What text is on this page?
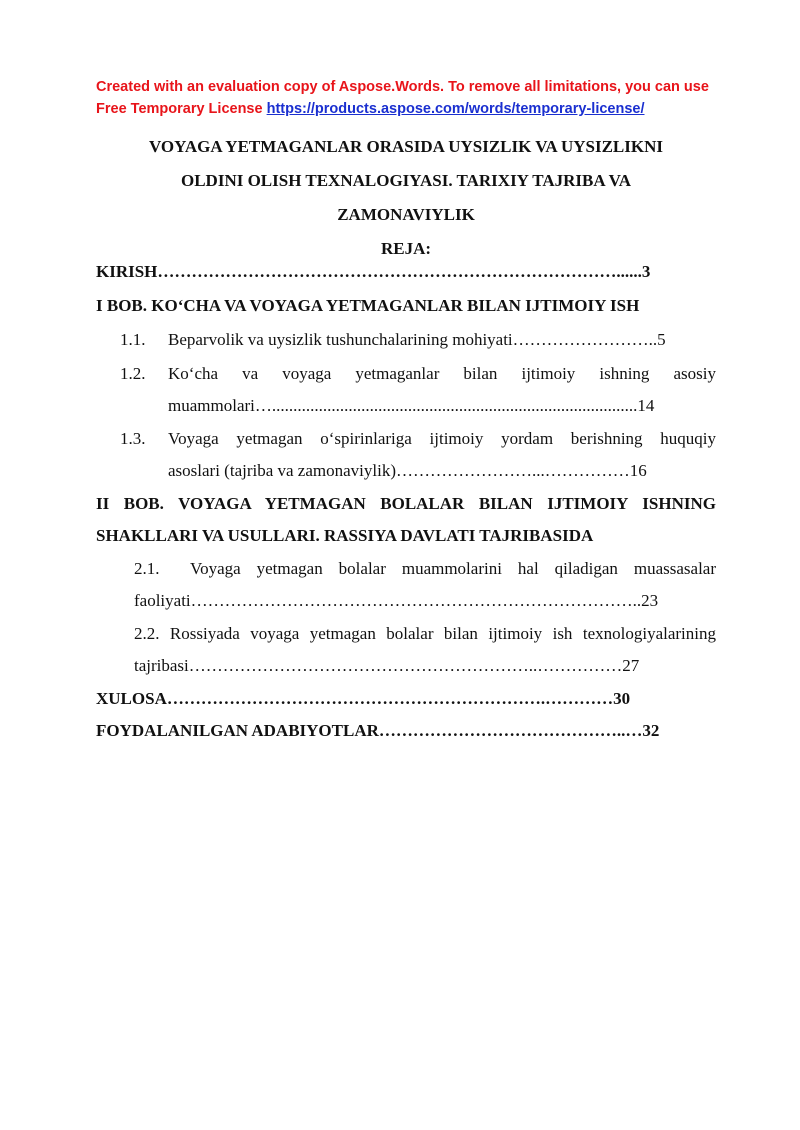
Created with an evaluation copy of Aspose.Words. To remove all limitations, you can use
Free Temporary License https://products.aspose.com/words/temporary-license/
VOYAGA YETMAGANLAR ORASIDA UYSIZLIK VA UYSIZLIKNI
OLDINI OLISH TEXNALOGIYASI. TARIXIY TAJRIBA VA
ZAMONAVIYLIK
REJA:
KIRISH………………………………………………………………………......3
I BOB. KO‘CHA VA VOYAGA YETMAGANLAR BILAN IJTIMOIY ISH
1.1.	Beparvolik va uysizlik tushunchalarining mohiyati……………………..5
1.2.	Ko‘cha va voyaga yetmaganlar bilan ijtimoiy ishning asosiy
muammolari…......................................................................................14
1.3.	Voyaga yetmagan o‘spirinlariga ijtimoiy yordam berishning huquqiy
asoslari (tajriba va zamonaviylik)……………………...……………16
II BOB. VOYAGA YETMAGAN BOLALAR BILAN IJTIMOIY ISHNING
SHAKLLARI VA USULLARI. RASSIYA DAVLATI TAJRIBASIDA
2.1.	Voyaga yetmagan bolalar muammolarini hal qiladigan muassasalar
faoliyati……………………………………………………………………..23
2.2. Rossiyada voyaga yetmagan bolalar bilan ijtimoiy ish texnologiyalarining
tajribasi……………………………………………………..……………27
XULOSA………………………………………………………….…………30
FOYDALANILGAN ADABIYOTLAR……………………………………..…32
